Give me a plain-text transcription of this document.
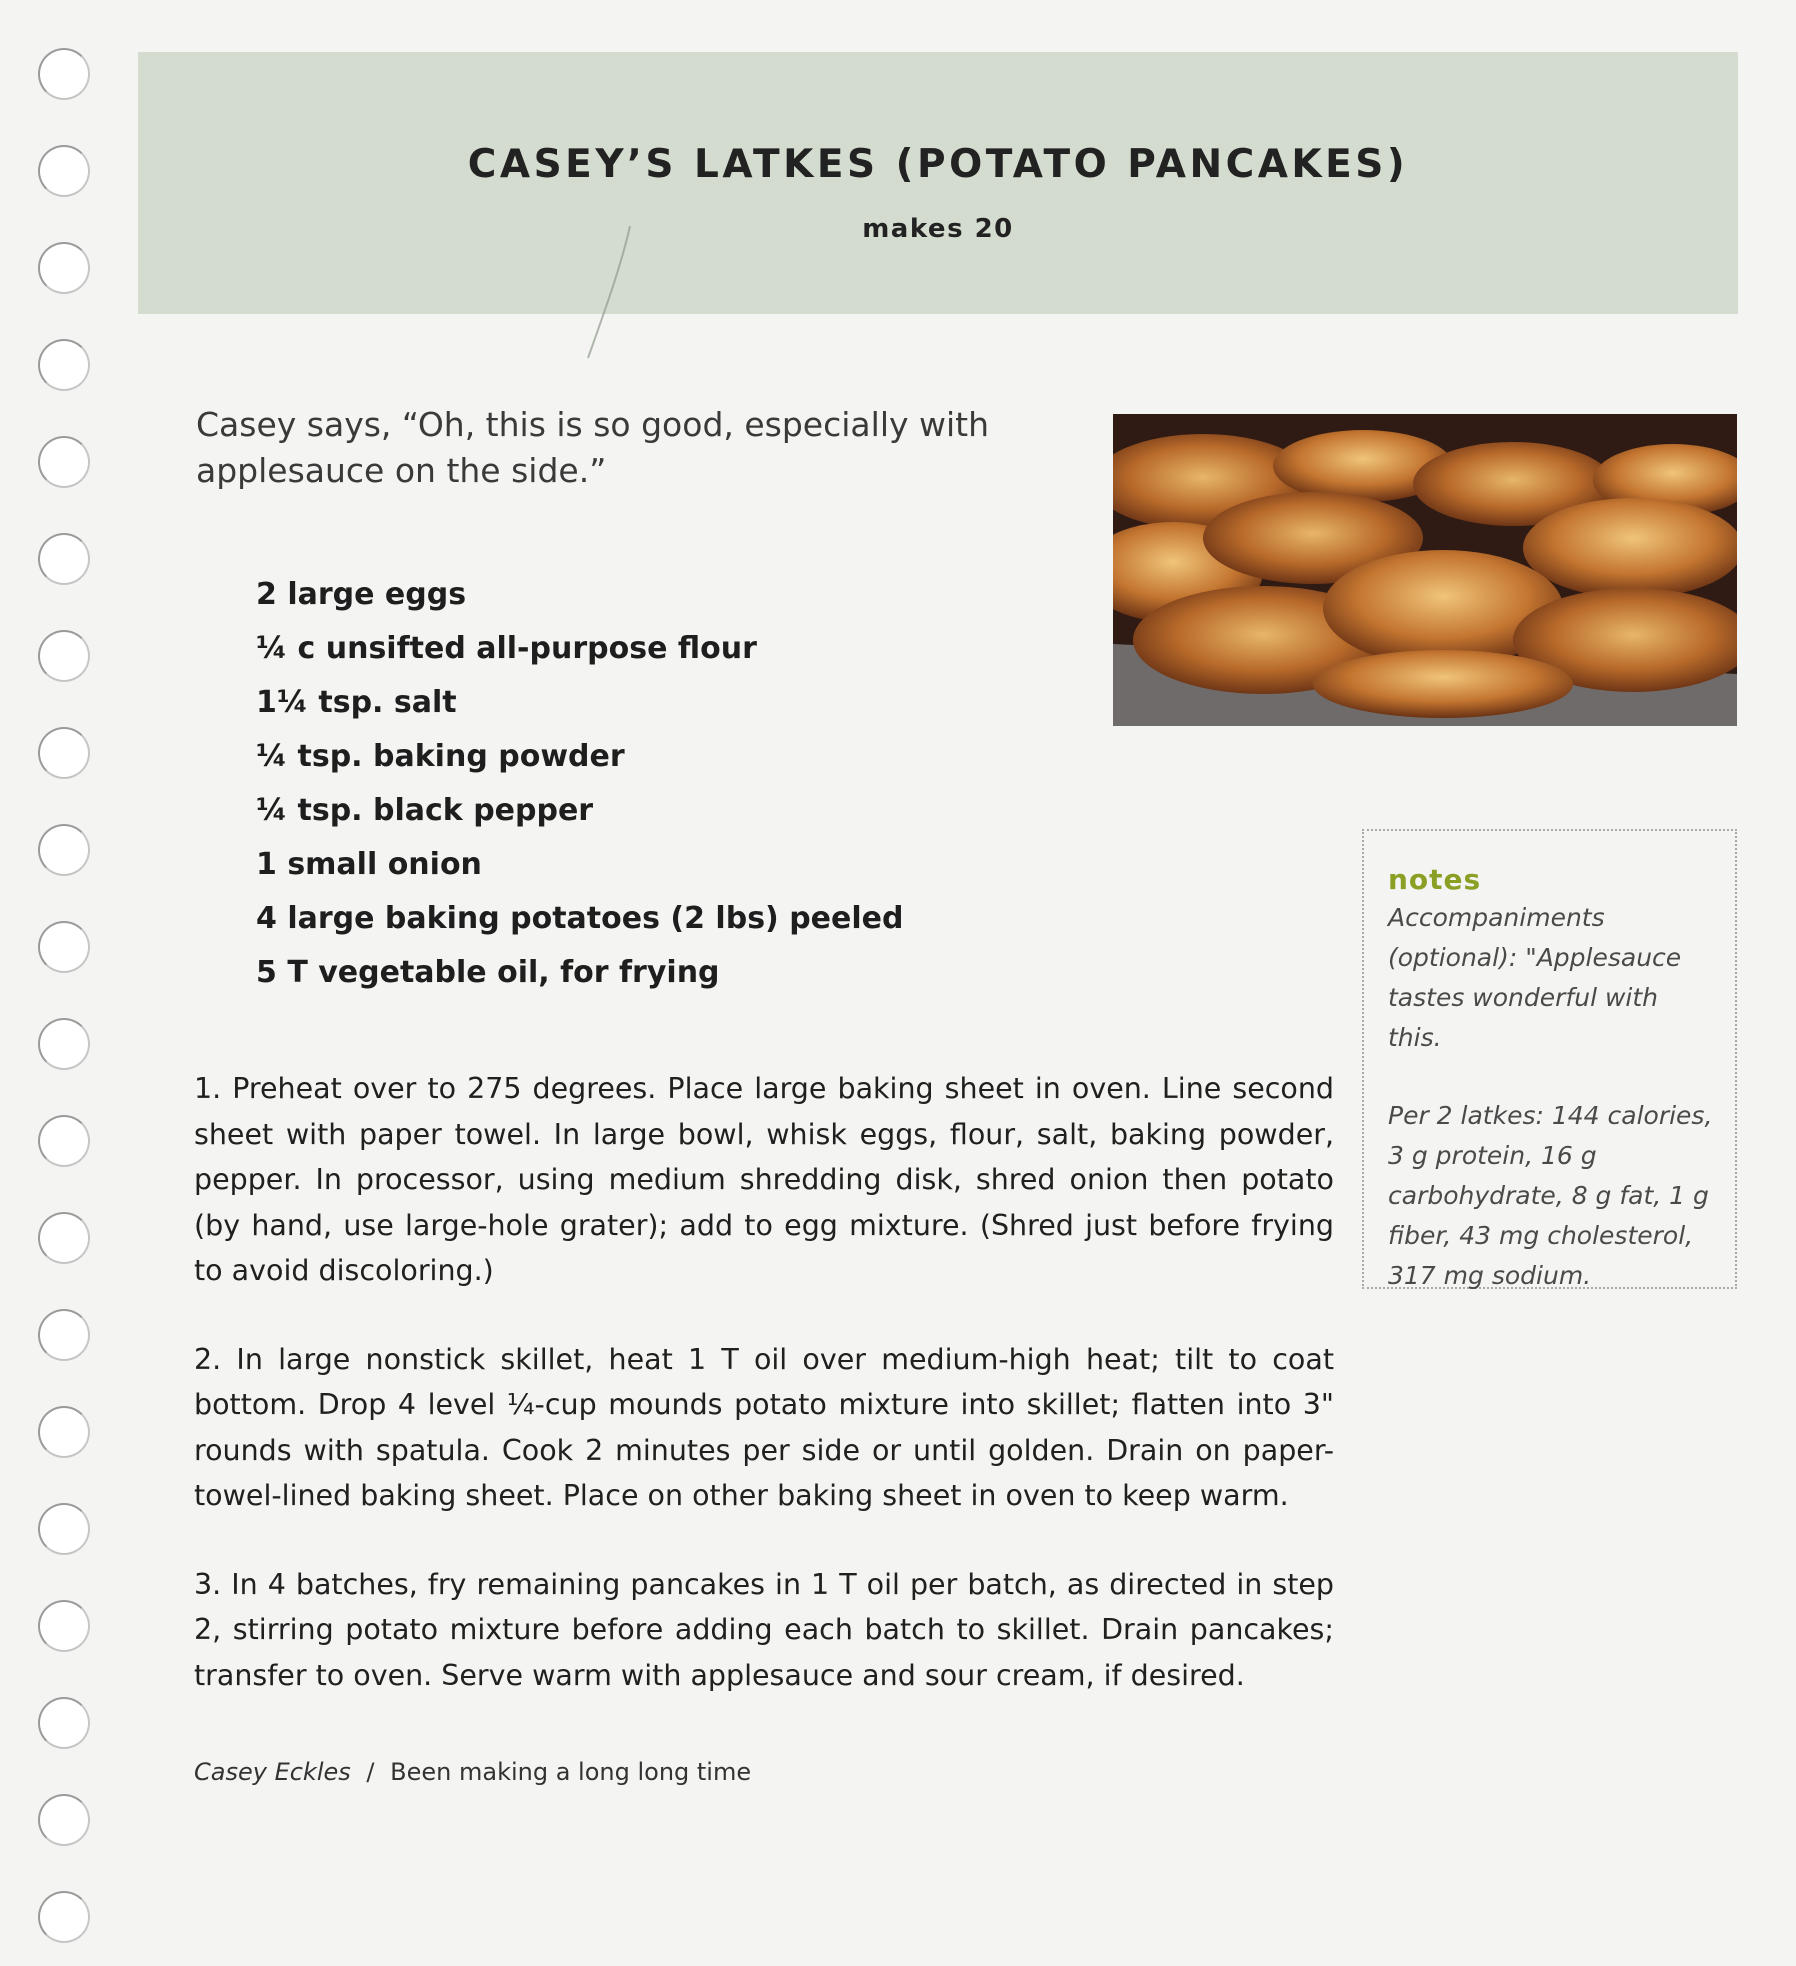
CASEY’S LATKES (POTATO PANCAKES)
makes 20
Casey says, “Oh, this is so good, especially with applesauce on the side.”
2 large eggs
¼ c unsifted all-purpose flour
1¼ tsp. salt
¼ tsp. baking powder
¼ tsp. black pepper
1 small onion
4 large baking potatoes (2 lbs) peeled
5 T vegetable oil, for frying

1. Preheat over to 275 degrees. Place large baking sheet in oven. Line second sheet with paper towel. In large bowl, whisk eggs, flour, salt, baking powder, pepper. In processor, using medium shredding disk, shred onion then potato (by hand, use large-hole grater); add to egg mixture. (Shred just before frying to avoid discoloring.)

2. In large nonstick skillet, heat 1 T oil over medium-high heat; tilt to coat bottom. Drop 4 level ¼-cup mounds potato mixture into skillet; flatten into 3" rounds with spatula. Cook 2 minutes per side or until golden. Drain on paper-towel-lined baking sheet. Place on other baking sheet in oven to keep warm.

3. In 4 batches, fry remaining pancakes in 1 T oil per batch, as directed in step 2, stirring potato mixture before adding each batch to skillet. Drain pancakes; transfer to oven. Serve warm with applesauce and sour cream, if desired.

Casey Eckles / Been making a long long time
notes

Accompaniments (optional): "Applesauce tastes wonderful with this.

Per 2 latkes: 144 calories, 3 g protein, 16 g carbohydrate, 8 g fat, 1 g fiber, 43 mg cholesterol, 317 mg sodium.
